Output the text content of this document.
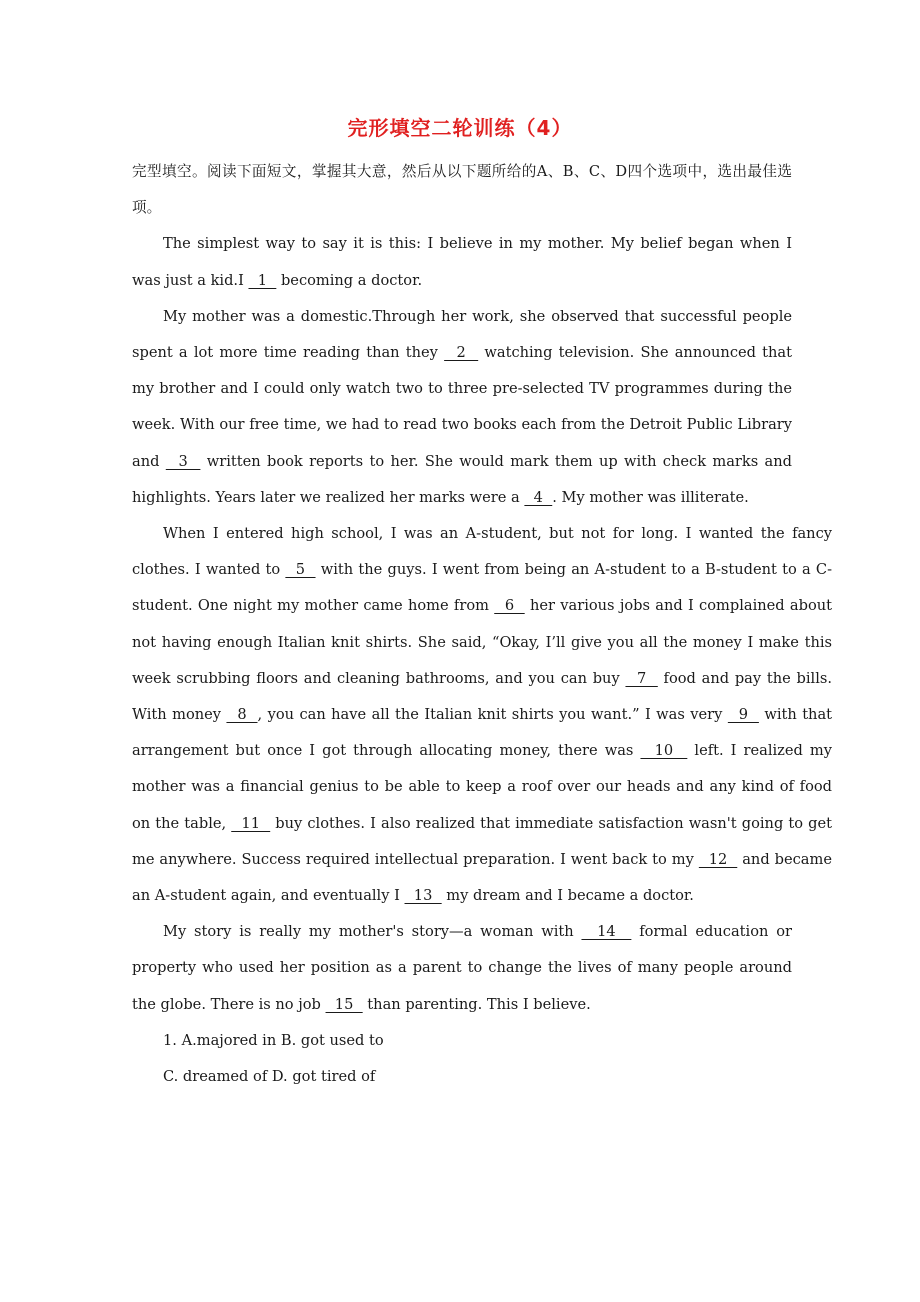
完形填空二轮训练（4）

完型填空。阅读下面短文，掌握其大意，然后从以下题所给的A、B、C、D四个选项中，选出最佳选项。

The simplest way to say it is this: I believe in my mother. My belief began when I was just a kid.I   1   becoming a doctor.

My mother was a domestic.Through her work, she observed that successful people spent a lot more time reading than they   2   watching television. She announced that my brother and I could only watch two to three pre-selected TV programmes during the week. With our free time, we had to read two books each from the Detroit Public Library and   3   written book reports to her. She would mark them up with check marks and highlights. Years later we realized her marks were a   4  . My mother was illiterate.

When I entered high school, I was an A-student, but not for long. I wanted the fancy clothes. I wanted to   5   with the guys. I went from being an A-student to a B-student to a C-student. One night my mother came home from   6   her various jobs and I complained about not having enough Italian knit shirts. She said, “Okay, I’ll give you all the money I make this week scrubbing floors and cleaning bathrooms, and you can buy   7   food and pay the bills. With money   8  , you can have all the Italian knit shirts you want.” I was very   9   with that arrangement but once I got through allocating money, there was   10   left. I realized my mother was a financial genius to be able to keep a roof over our heads and any kind of food on the table,   11   buy clothes. I also realized that immediate satisfaction wasn't going to get me anywhere. Success required intellectual preparation. I went back to my   12   and became an A-student again, and eventually I   13   my dream and I became a doctor.

My story is really my mother's story—a woman with   14   formal education or property who used her position as a parent to change the lives of many people around the globe. There is no job   15   than parenting. This I believe.

1. A.majored in B. got used to

C. dreamed of D. got tired of
